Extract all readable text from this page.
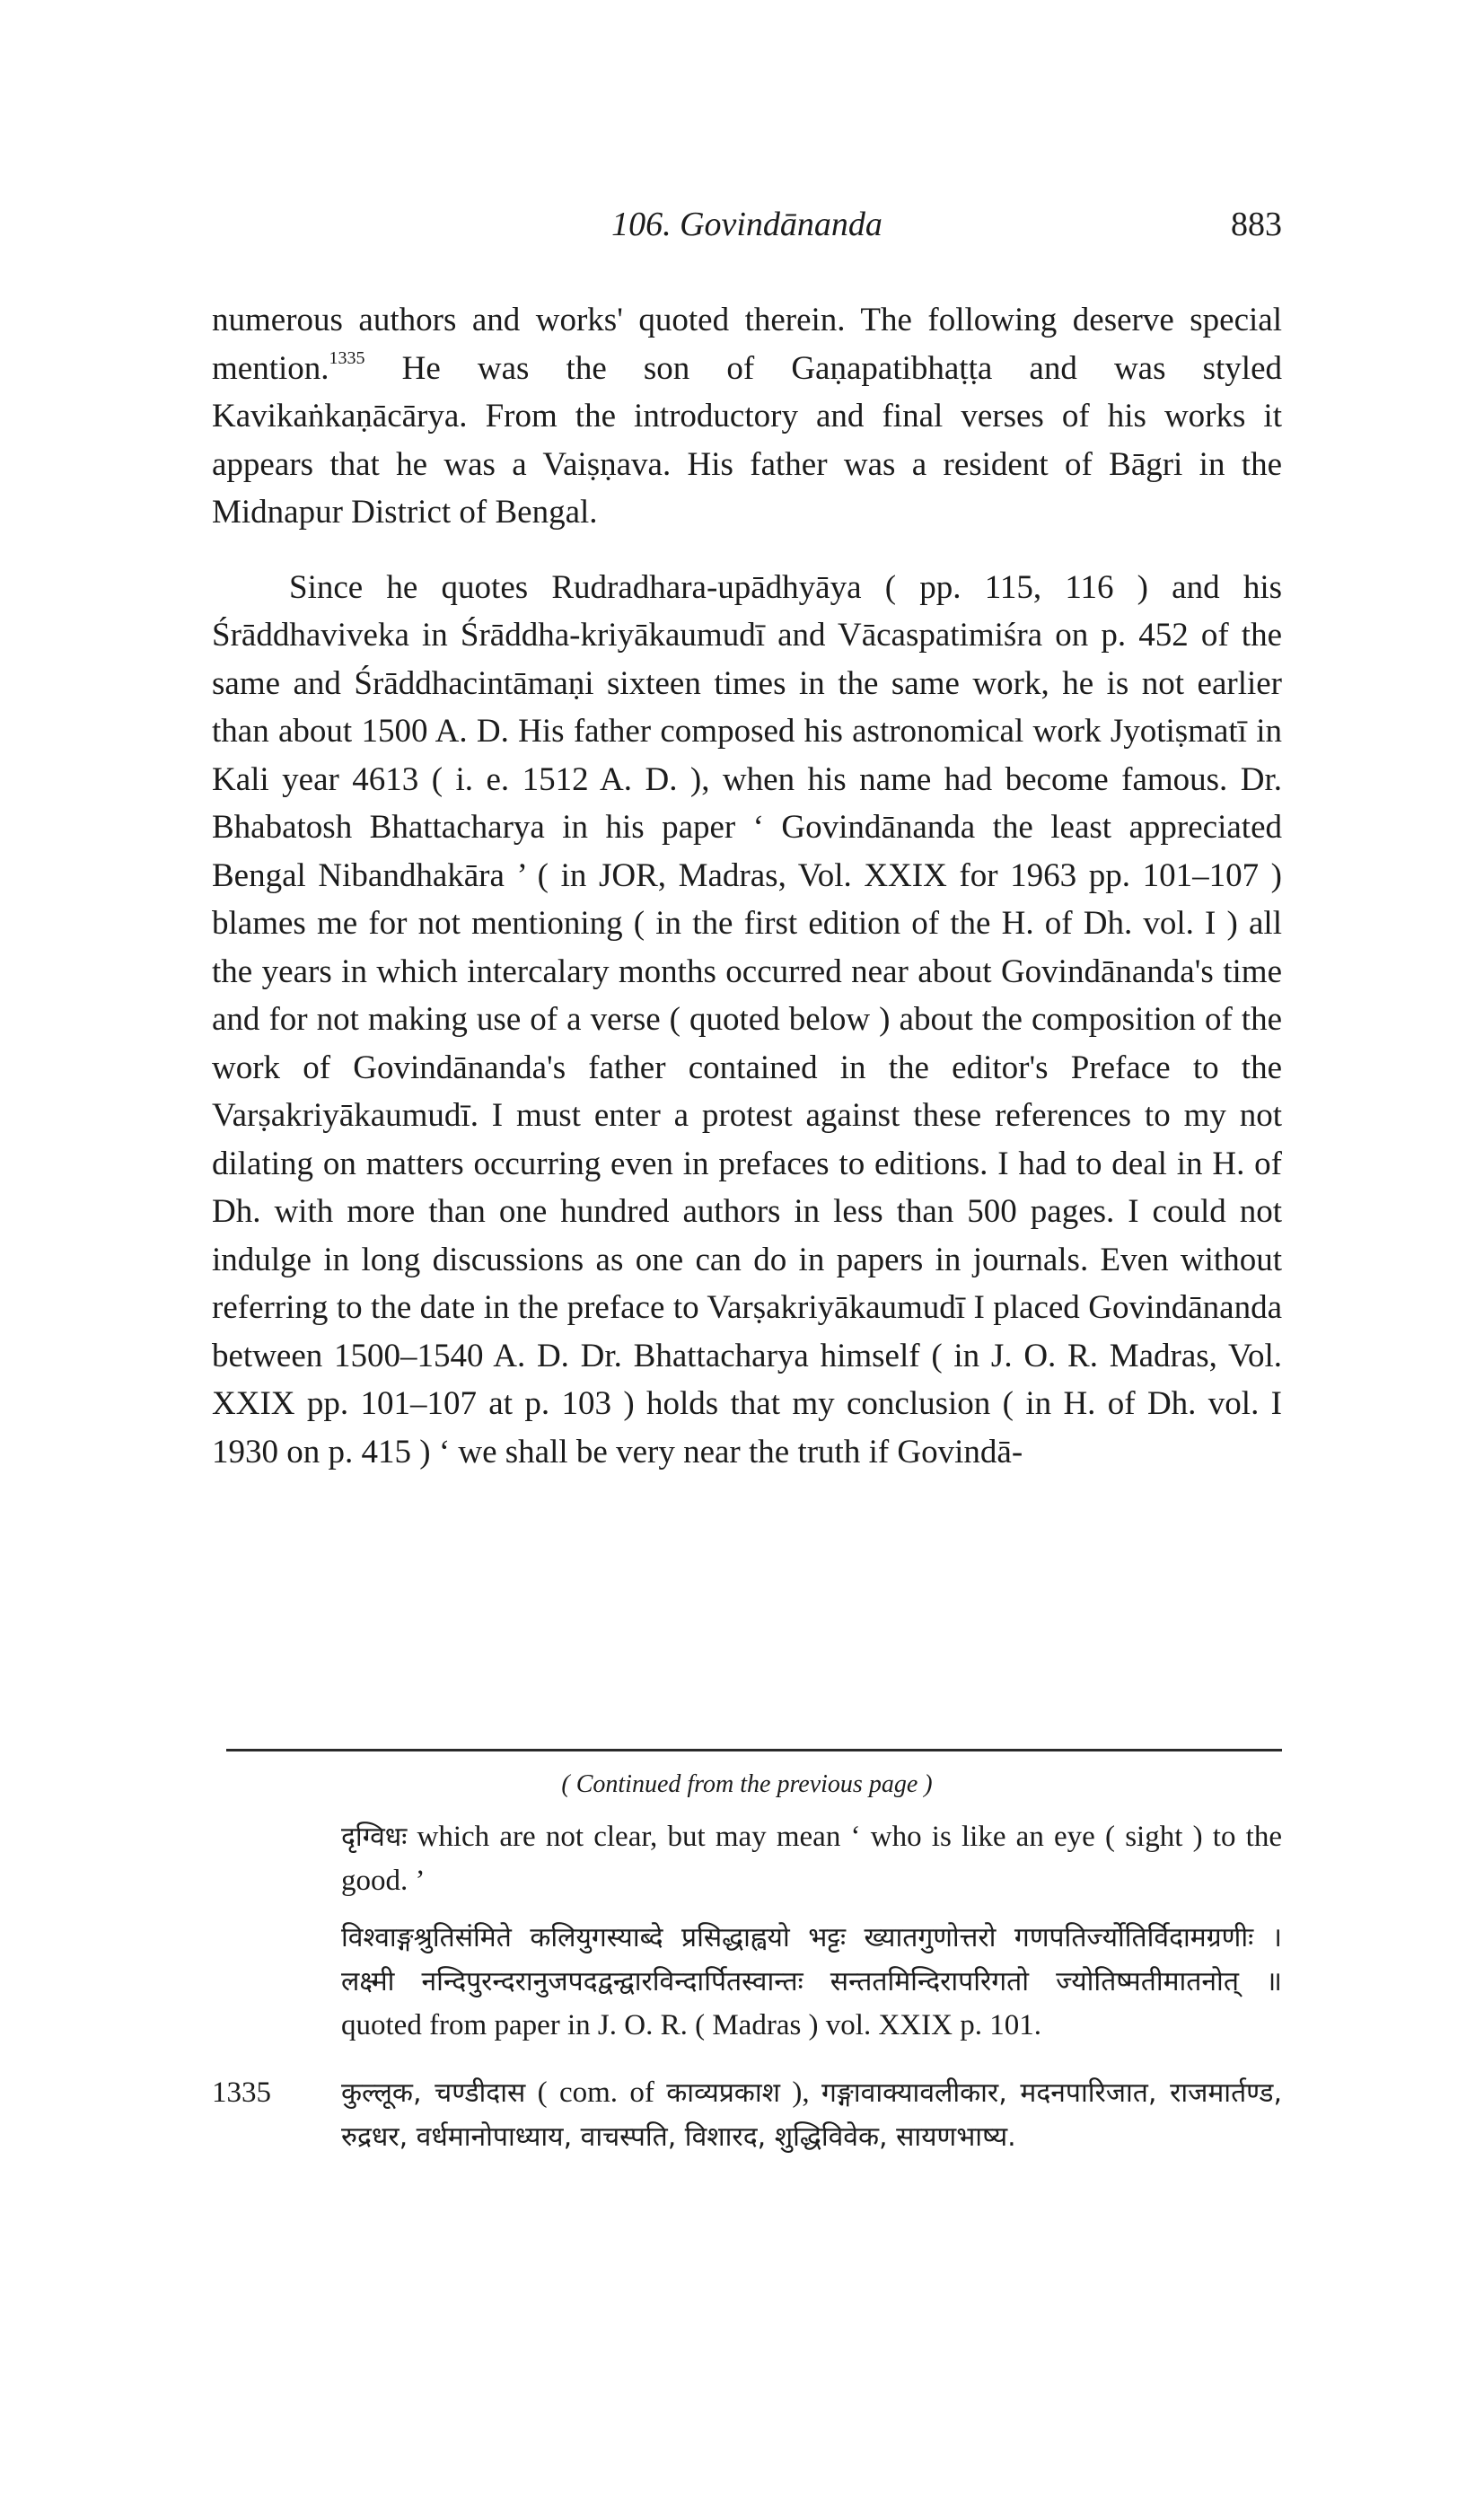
106. Govindānanda	883

numerous authors and works' quoted therein. The following deserve special mention.$^{1335}$ He was the son of Gaṇapatibhaṭṭa and was styled Kavikaṅkaṇācārya. From the introductory and final verses of his works it appears that he was a Vaiṣṇava. His father was a resident of Bāgri in the Midnapur District of Bengal.

Since he quotes Rudradhara-upādhyāya ( pp. 115, 116 ) and his Śrāddhaviveka in Śrāddha-kriyākaumudī and Vācaspatimiśra on p. 452 of the same and Śrāddhacintāmaṇi sixteen times in the same work, he is not earlier than about 1500 A. D. His father composed his astronomical work Jyotiṣmatī in Kali year 4613 ( i. e. 1512 A. D. ), when his name had become famous. Dr. Bhabatosh Bhattacharya in his paper ‘ Govindānanda the least appreciated Bengal Nibandhakāra ’ ( in JOR, Madras, Vol. XXIX for 1963 pp. 101–107 ) blames me for not mentioning ( in the first edition of the H. of Dh. vol. I ) all the years in which intercalary months occurred near about Govindānanda's time and for not making use of a verse ( quoted below ) about the composition of the work of Govindānanda's father contained in the editor's Preface to the Varṣakriyākaumudī. I must enter a protest against these references to my not dilating on matters occurring even in prefaces to editions. I had to deal in H. of Dh. with more than one hundred authors in less than 500 pages. I could not indulge in long discussions as one can do in papers in journals. Even without referring to the date in the preface to Varṣakriyākaumudī I placed Govindānanda between 1500–1540 A. D. Dr. Bhattacharya himself ( in J. O. R. Madras, Vol. XXIX pp. 101–107 at p. 103 ) holds that my conclusion ( in H. of Dh. vol. I 1930 on p. 415 ) ‘ we shall be very near the truth if Govindā-

( Continued from the previous page )

दृग्विधः which are not clear, but may mean ‘ who is like an eye ( sight ) to the good. ’

विश्वाङ्गश्रुतिसंमिते कलियुगस्याब्दे प्रसिद्धाह्वयो भट्टः ख्यातगुणोत्तरो गणपतिर्ज्योतिर्विदामग्रणीः । लक्ष्मी नन्दिपुरन्दरानुजपदद्वन्द्वारविन्दार्पितस्वान्तः सन्ततमिन्दिरापरिगतो ज्योतिष्मतीमातनोत् ॥ quoted from paper in J. O. R. ( Madras ) vol. XXIX p. 101.

1335	कुल्लूक, चण्डीदास ( com. of काव्यप्रकाश ), गङ्गावाक्यावलीकार, मदनपारिजात, राजमार्तण्ड, रुद्रधर, वर्धमानोपाध्याय, वाचस्पति, विशारद, शुद्धिविवेक, सायणभाष्य.
